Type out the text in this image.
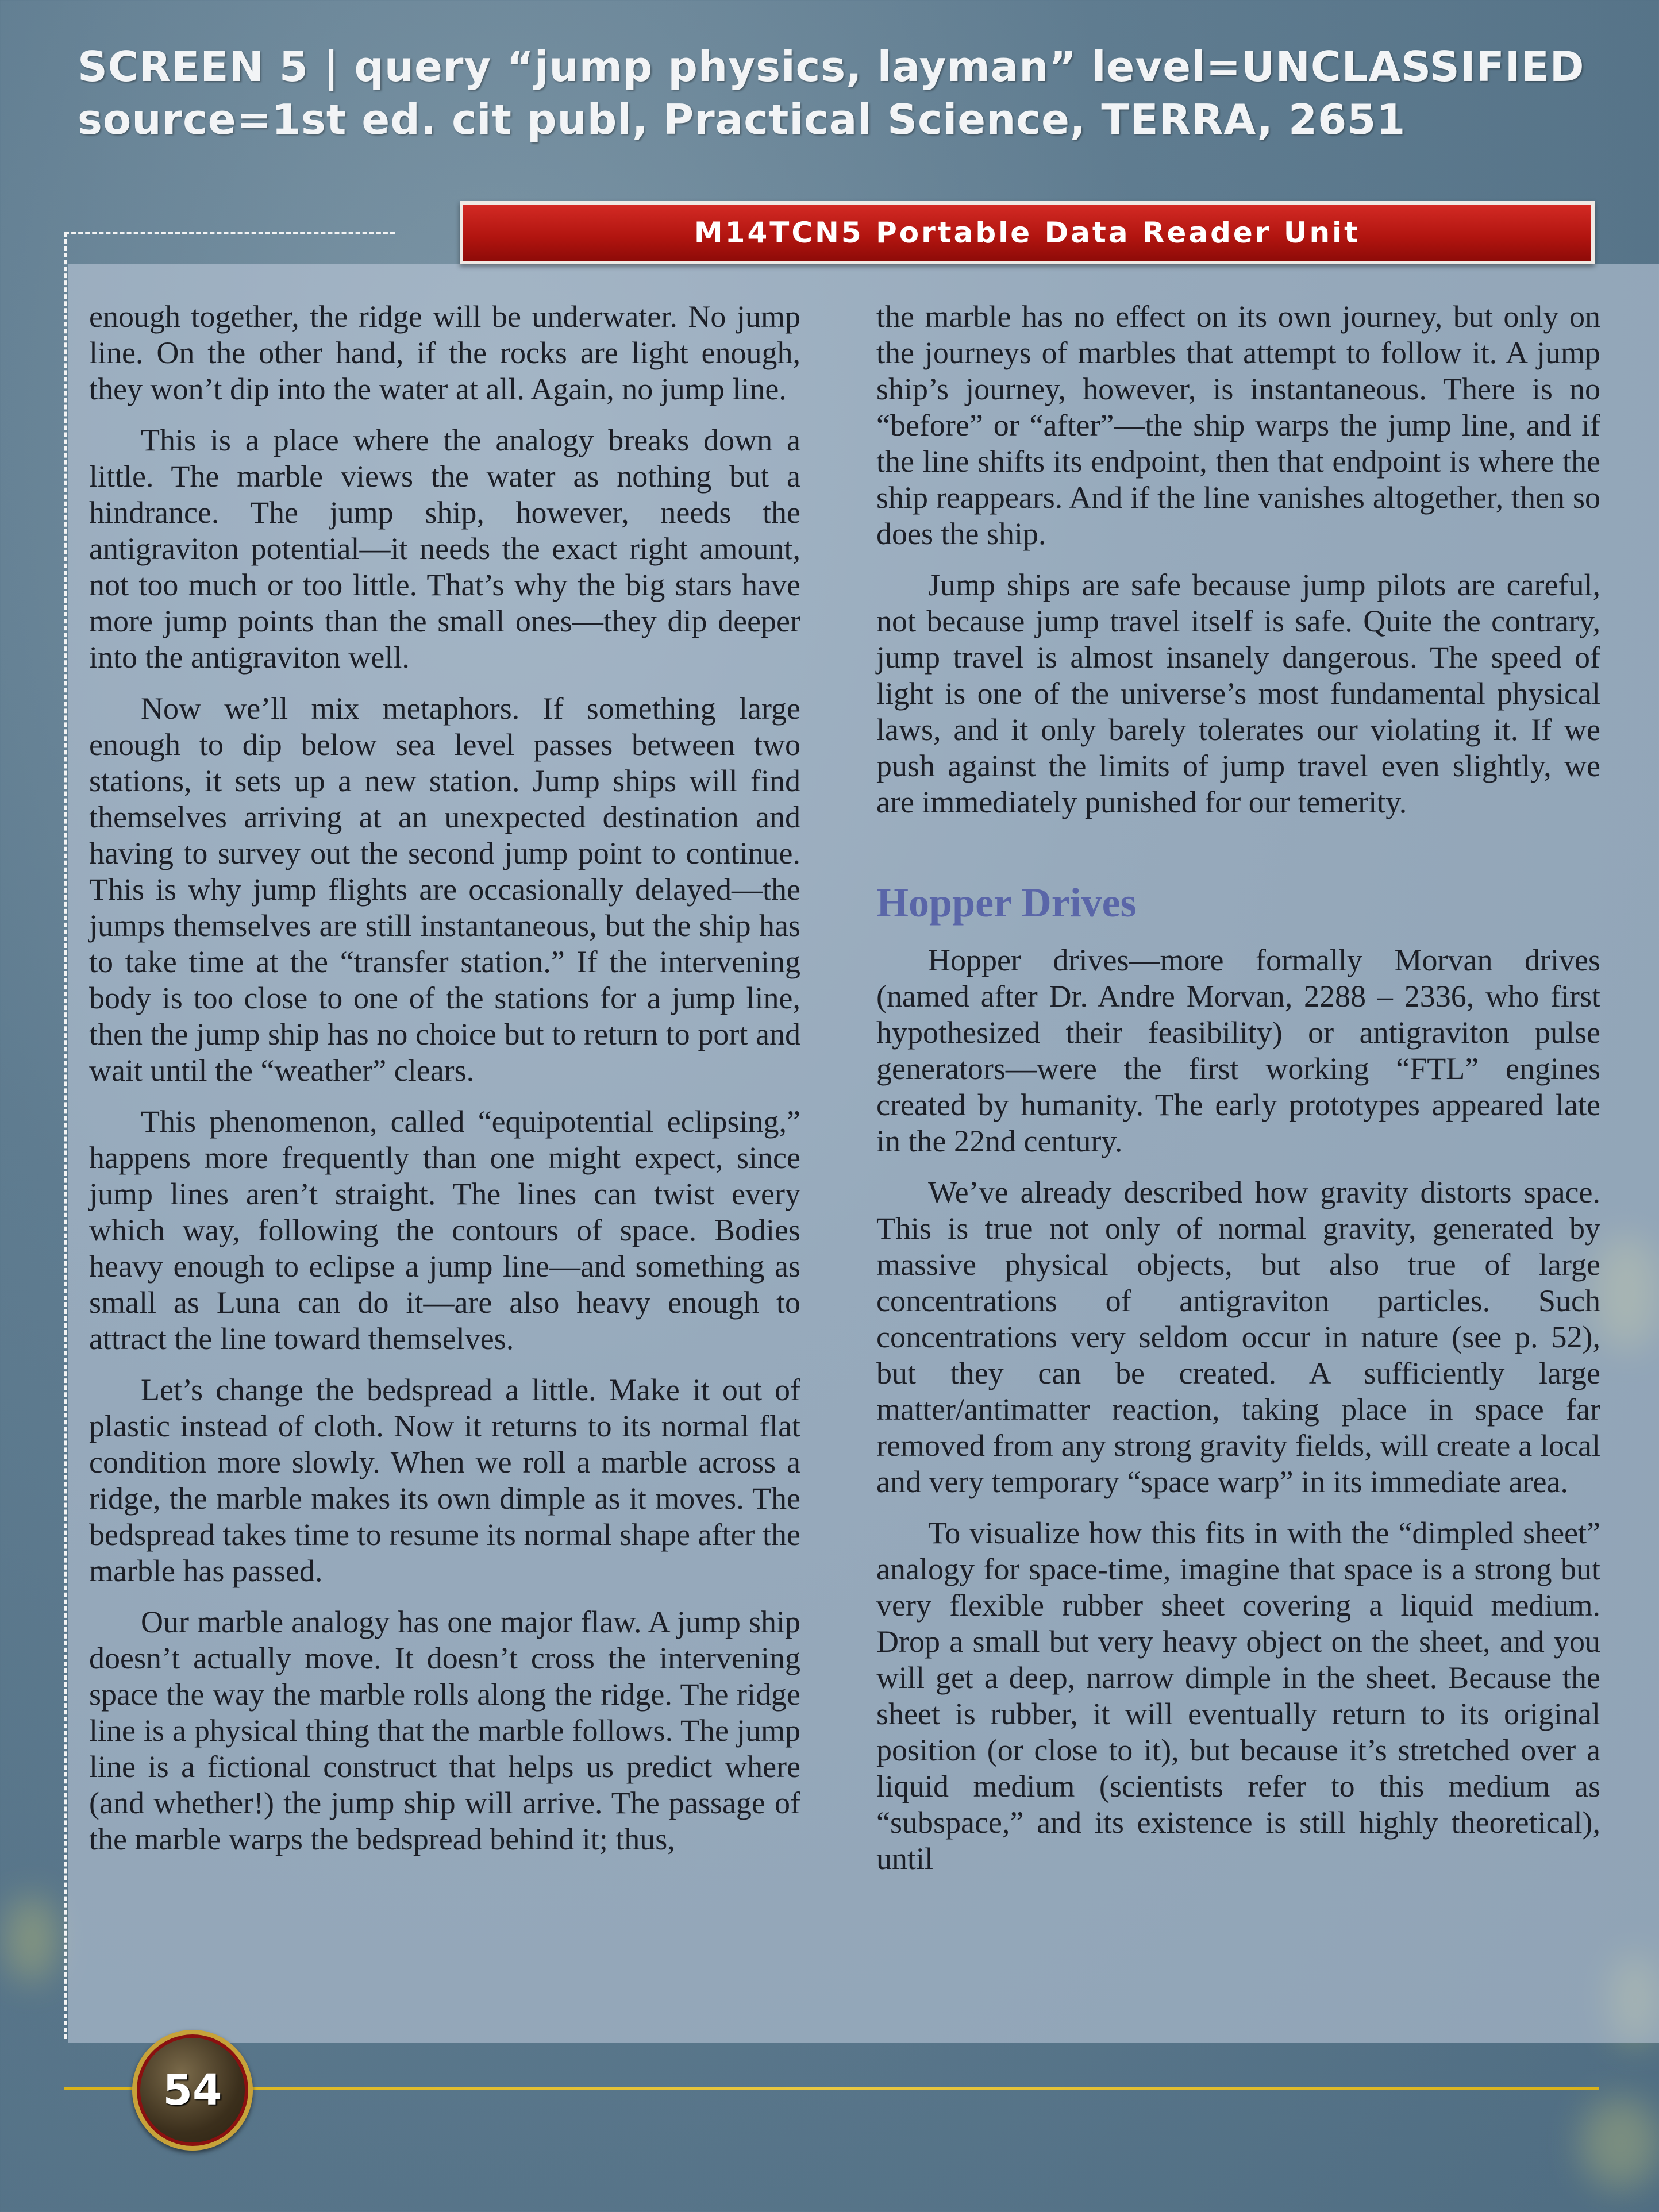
SCREEN 5 | query “jump physics, layman” level=UNCLASSIFIED
source=1st ed. cit publ, Practical Science, TERRA, 2651
M14TCN5 Portable Data Reader Unit

enough together, the ridge will be underwater. No jump line. On the other hand, if the rocks are light enough, they won’t dip into the water at all. Again, no jump line.

This is a place where the analogy breaks down a little. The marble views the water as nothing but a hindrance. The jump ship, however, needs the antigraviton potential—it needs the exact right amount, not too much or too little. That’s why the big stars have more jump points than the small ones—they dip deeper into the antigraviton well.

Now we’ll mix metaphors. If something large enough to dip below sea level passes between two stations, it sets up a new station. Jump ships will find themselves arriving at an unexpected destination and having to survey out the second jump point to continue. This is why jump flights are occasionally delayed—the jumps themselves are still instantaneous, but the ship has to take time at the “transfer station.” If the intervening body is too close to one of the stations for a jump line, then the jump ship has no choice but to return to port and wait until the “weather” clears.

This phenomenon, called “equipotential eclipsing,” happens more frequently than one might expect, since jump lines aren’t straight. The lines can twist every which way, following the contours of space. Bodies heavy enough to eclipse a jump line—and something as small as Luna can do it—are also heavy enough to attract the line toward themselves.

Let’s change the bedspread a little. Make it out of plastic instead of cloth. Now it returns to its normal flat condition more slowly. When we roll a marble across a ridge, the marble makes its own dimple as it moves. The bedspread takes time to resume its normal shape after the marble has passed.

Our marble analogy has one major flaw. A jump ship doesn’t actually move. It doesn’t cross the intervening space the way the marble rolls along the ridge. The ridge line is a physical thing that the marble follows. The jump line is a fictional construct that helps us predict where (and whether!) the jump ship will arrive. The passage of the marble warps the bedspread behind it; thus,

the marble has no effect on its own journey, but only on the journeys of marbles that attempt to follow it. A jump ship’s journey, however, is instantaneous. There is no “before” or “after”—the ship warps the jump line, and if the line shifts its endpoint, then that endpoint is where the ship reappears. And if the line vanishes altogether, then so does the ship.

Jump ships are safe because jump pilots are careful, not because jump travel itself is safe. Quite the contrary, jump travel is almost insanely dangerous. The speed of light is one of the universe’s most fundamental physical laws, and it only barely tolerates our violating it. If we push against the limits of jump travel even slightly, we are immediately punished for our temerity.

Hopper Drives

Hopper drives—more formally Morvan drives (named after Dr. Andre Morvan, 2288 – 2336, who first hypothesized their feasibility) or antigraviton pulse generators—were the first working “FTL” engines created by humanity. The early prototypes appeared late in the 22nd century.

We’ve already described how gravity distorts space. This is true not only of normal gravity, generated by massive physical objects, but also true of large concentrations of antigraviton particles. Such concentrations very seldom occur in nature (see p. 52), but they can be created. A sufficiently large matter/antimatter reaction, taking place in space far removed from any strong gravity fields, will create a local and very temporary “space warp” in its immediate area.

To visualize how this fits in with the “dimpled sheet” analogy for space-time, imagine that space is a strong but very flexible rubber sheet covering a liquid medium. Drop a small but very heavy object on the sheet, and you will get a deep, narrow dimple in the sheet. Because the sheet is rubber, it will eventually return to its original position (or close to it), but because it’s stretched over a liquid medium (scientists refer to this medium as “subspace,” and its existence is still highly theoretical), until

54
